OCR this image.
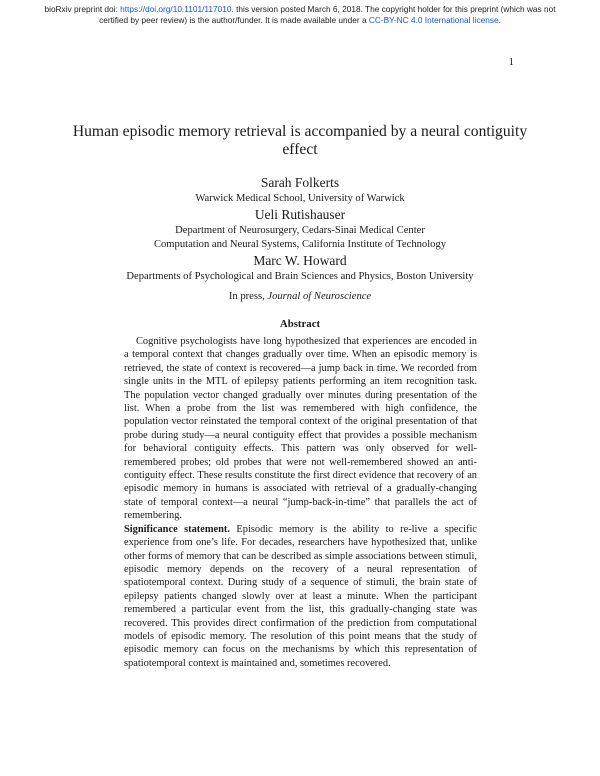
bioRxiv preprint doi: https://doi.org/10.1101/117010. this version posted March 6, 2018. The copyright holder for this preprint (which was not
certified by peer review) is the author/funder. It is made available under a CC-BY-NC 4.0 International license.
1
Human episodic memory retrieval is accompanied by a neural contiguity effect
Sarah Folkerts
Warwick Medical School, University of Warwick
Ueli Rutishauser
Department of Neurosurgery, Cedars-Sinai Medical Center
Computation and Neural Systems, California Institute of Technology
Marc W. Howard
Departments of Psychological and Brain Sciences and Physics, Boston University
In press, Journal of Neuroscience
Abstract

Cognitive psychologists have long hypothesized that experiences are encoded in a temporal context that changes gradually over time. When an episodic memory is retrieved, the state of context is recovered—a jump back in time. We recorded from single units in the MTL of epilepsy patients performing an item recognition task. The population vector changed gradually over minutes during presentation of the list. When a probe from the list was remembered with high confidence, the population vector reinstated the temporal context of the original presentation of that probe during study—a neural contiguity effect that provides a possible mechanism for behavioral contiguity effects. This pattern was only observed for well-remembered probes; old probes that were not well-remembered showed an anti-contiguity effect. These results constitute the first direct evidence that recovery of an episodic memory in humans is associated with retrieval of a gradually-changing state of temporal context—a neural “jump-back-in-time” that parallels the act of remembering.

Significance statement. Episodic memory is the ability to re-live a specific experience from one’s life. For decades, researchers have hypothesized that, unlike other forms of memory that can be described as simple associations between stimuli, episodic memory depends on the recovery of a neural representation of spatiotemporal context. During study of a sequence of stimuli, the brain state of epilepsy patients changed slowly over at least a minute. When the participant remembered a particular event from the list, this gradually-changing state was recovered. This provides direct confirmation of the prediction from computational models of episodic memory. The resolution of this point means that the study of episodic memory can focus on the mechanisms by which this representation of spatiotemporal context is maintained and, sometimes recovered.
